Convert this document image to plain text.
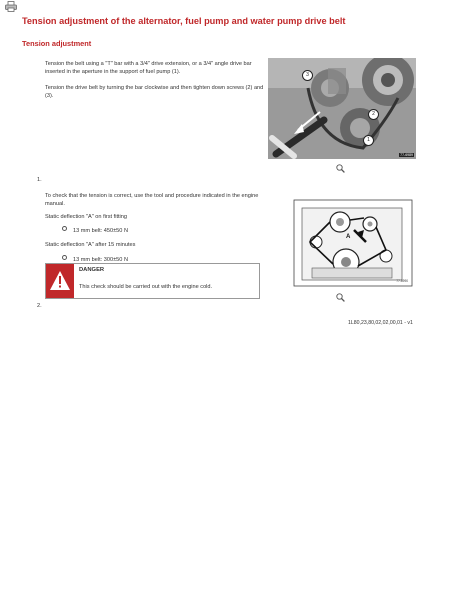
Tension adjustment of the alternator, fuel pump and water pump drive belt
Tension adjustment
Tension the belt using a "T" bar with a 3/4" drive extension, or a 3/4" angle drive bar inserted in the aperture in the support of fuel pump (1).
Tension the drive belt by turning the bar clockwise and then tighten down screws (2) and (3).
3
2
1
77-6989
1.
To check that the tension is correct, use the tool and procedure indicated in the engine manual.
Static deflection "A" on first fitting
13 mm belt: 450±50 N
Static deflection "A" after 15 minutes
13 mm belt: 300±50 N
DANGER
This check should be carried out with the engine cold.
A
77-6990
2.
1L80,23,80,02,02,00,01 - v1
